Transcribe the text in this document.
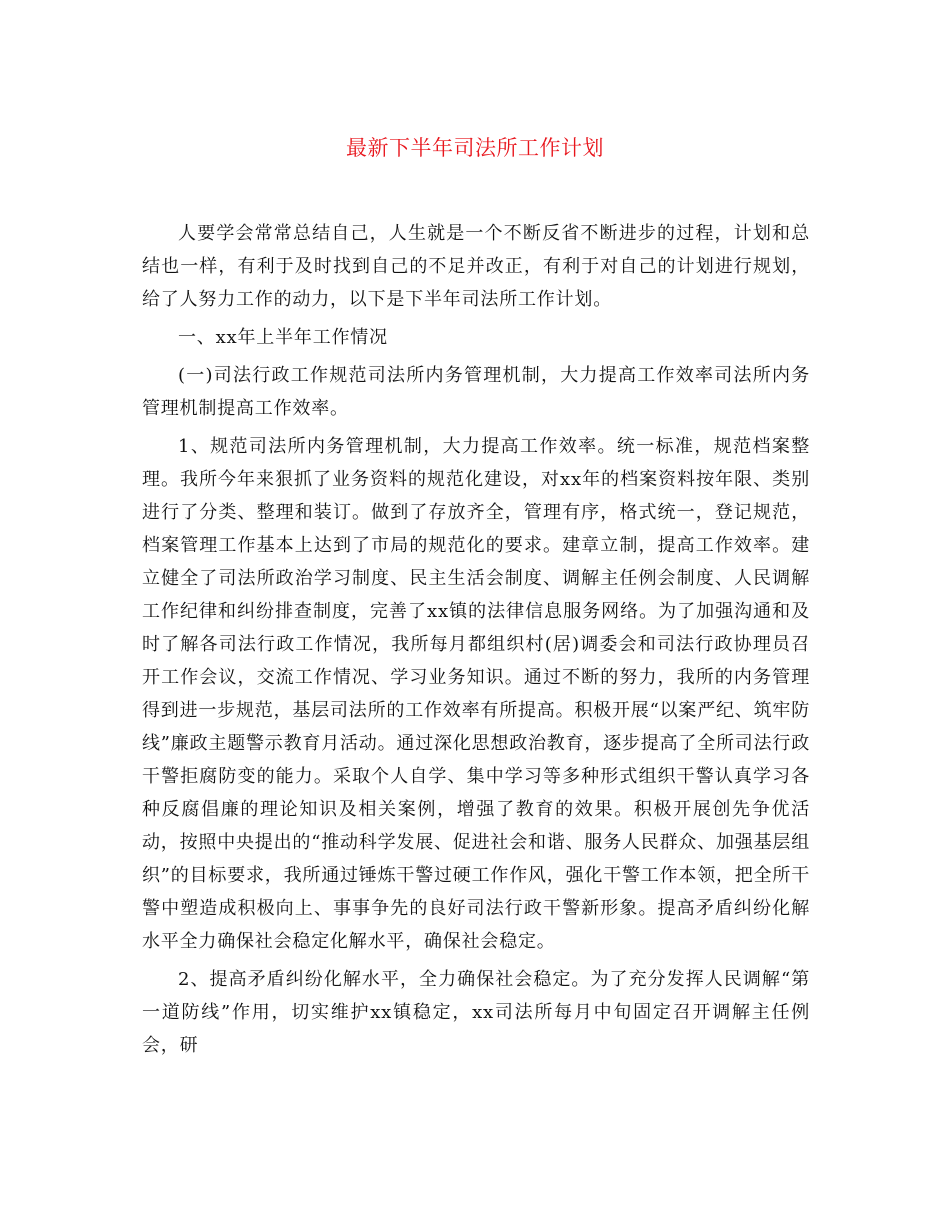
最新下半年司法所工作计划

人要学会常常总结自己，人生就是一个不断反省不断进步的过程，计划和总结也一样，有利于及时找到自己的不足并改正，有利于对自己的计划进行规划，给了人努力工作的动力，以下是下半年司法所工作计划。

一、xx年上半年工作情况

(一)司法行政工作规范司法所内务管理机制，大力提高工作效率司法所内务管理机制提高工作效率。

1、规范司法所内务管理机制，大力提高工作效率。统一标准，规范档案整理。我所今年来狠抓了业务资料的规范化建设，对xx年的档案资料按年限、类别进行了分类、整理和装订。做到了存放齐全，管理有序，格式统一，登记规范，档案管理工作基本上达到了市局的规范化的要求。建章立制，提高工作效率。建立健全了司法所政治学习制度、民主生活会制度、调解主任例会制度、人民调解工作纪律和纠纷排查制度，完善了xx镇的法律信息服务网络。为了加强沟通和及时了解各司法行政工作情况，我所每月都组织村(居)调委会和司法行政协理员召开工作会议，交流工作情况、学习业务知识。通过不断的努力，我所的内务管理得到进一步规范，基层司法所的工作效率有所提高。积极开展“以案严纪、筑牢防线”廉政主题警示教育月活动。通过深化思想政治教育，逐步提高了全所司法行政干警拒腐防变的能力。采取个人自学、集中学习等多种形式组织干警认真学习各种反腐倡廉的理论知识及相关案例，增强了教育的效果。积极开展创先争优活动，按照中央提出的“推动科学发展、促进社会和谐、服务人民群众、加强基层组织”的目标要求，我所通过锤炼干警过硬工作作风，强化干警工作本领，把全所干警中塑造成积极向上、事事争先的良好司法行政干警新形象。提高矛盾纠纷化解水平全力确保社会稳定化解水平，确保社会稳定。

2、提高矛盾纠纷化解水平，全力确保社会稳定。为了充分发挥人民调解“第一道防线”作用，切实维护xx镇稳定，xx司法所每月中旬固定召开调解主任例会，研
